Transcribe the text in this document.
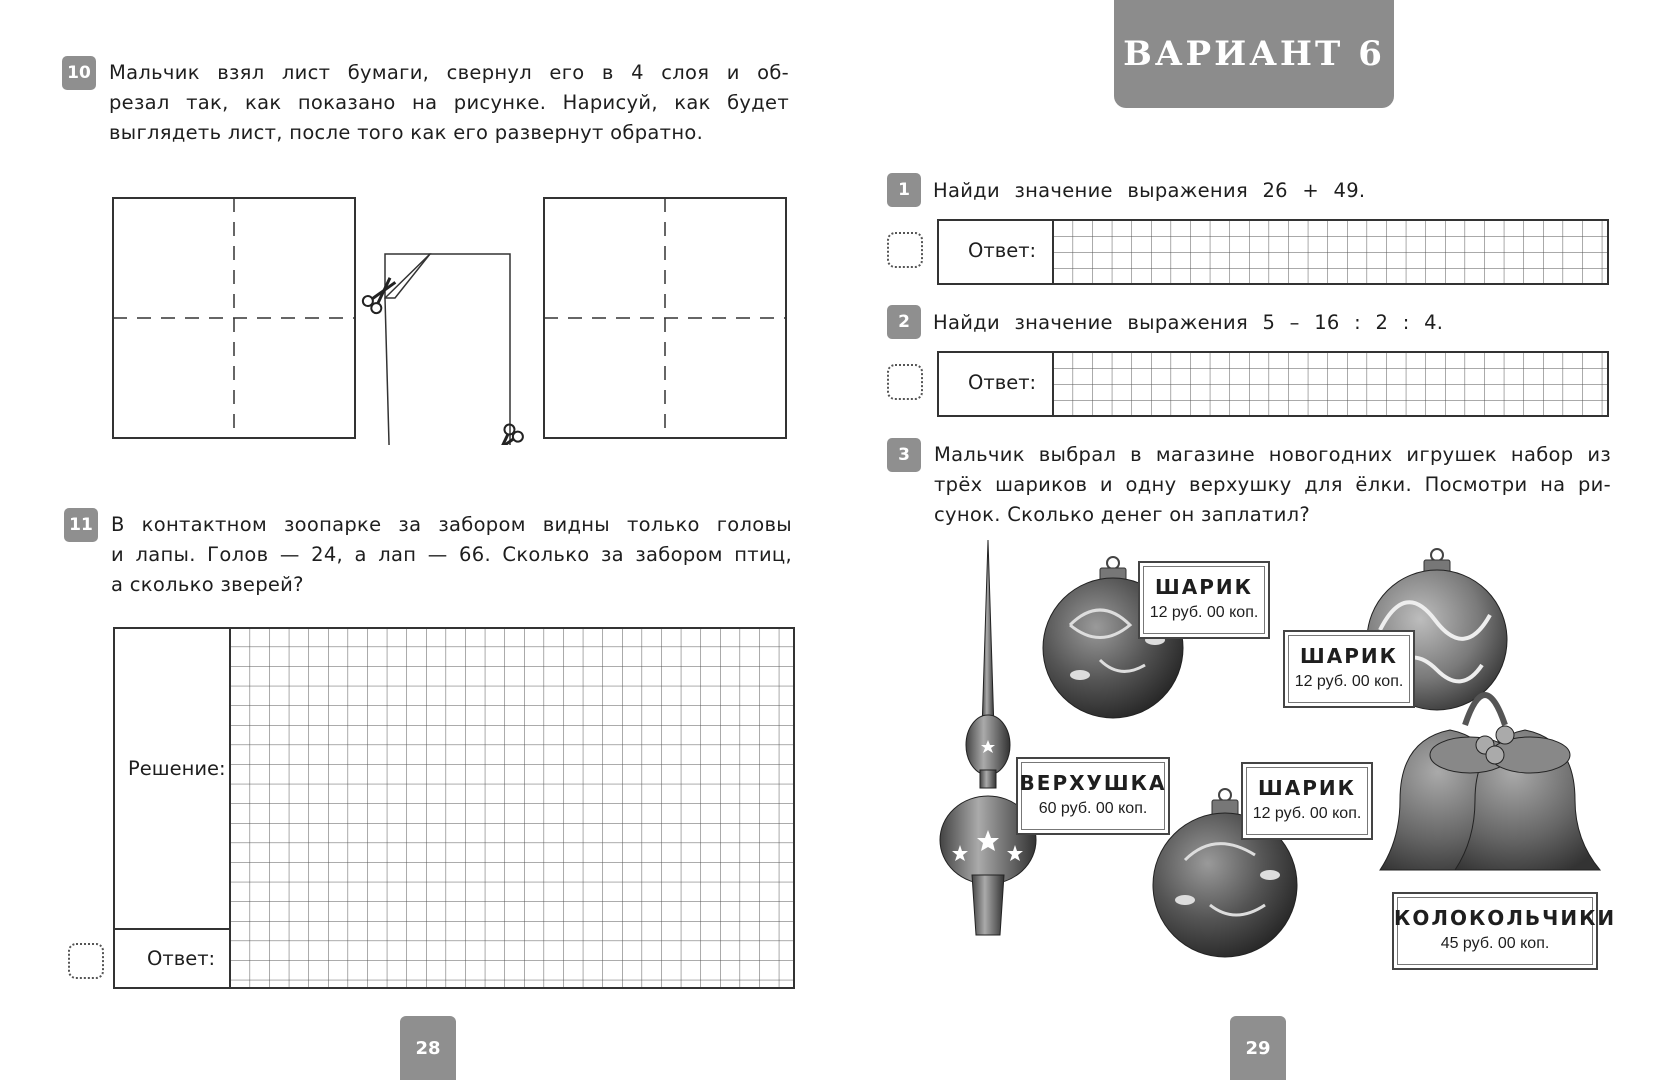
10 Мальчик взял лист бумаги, свернул его в 4 слоя и об-
резал так, как показано на рисунке. Нарисуй, как будет
выглядеть лист, после того как его развернут обратно.
11 В контактном зоопарке за забором видны только головы
и лапы. Голов — 24, а лап — 66. Сколько за забором птиц,
а сколько зверей?
Решение:
Ответ:
28
ВАРИАНТ 6
1	Найди значение выражения 26 + 49.
Ответ:
2	Найди значение выражения 5 – 16 : 2 : 4.
Ответ:
3	Мальчик выбрал в магазине новогодних игрушек набор из
трёх шариков и одну верхушку для ёлки. Посмотри на ри-
сунок. Сколько денег он заплатил?
ШАРИК
12 руб. 00 коп.
ШАРИК
12 руб. 00 коп.
ВЕРХУШКА
60 руб. 00 коп.
ШАРИК
12 руб. 00 коп.
КОЛОКОЛЬЧИКИ
45 руб. 00 коп.
29
